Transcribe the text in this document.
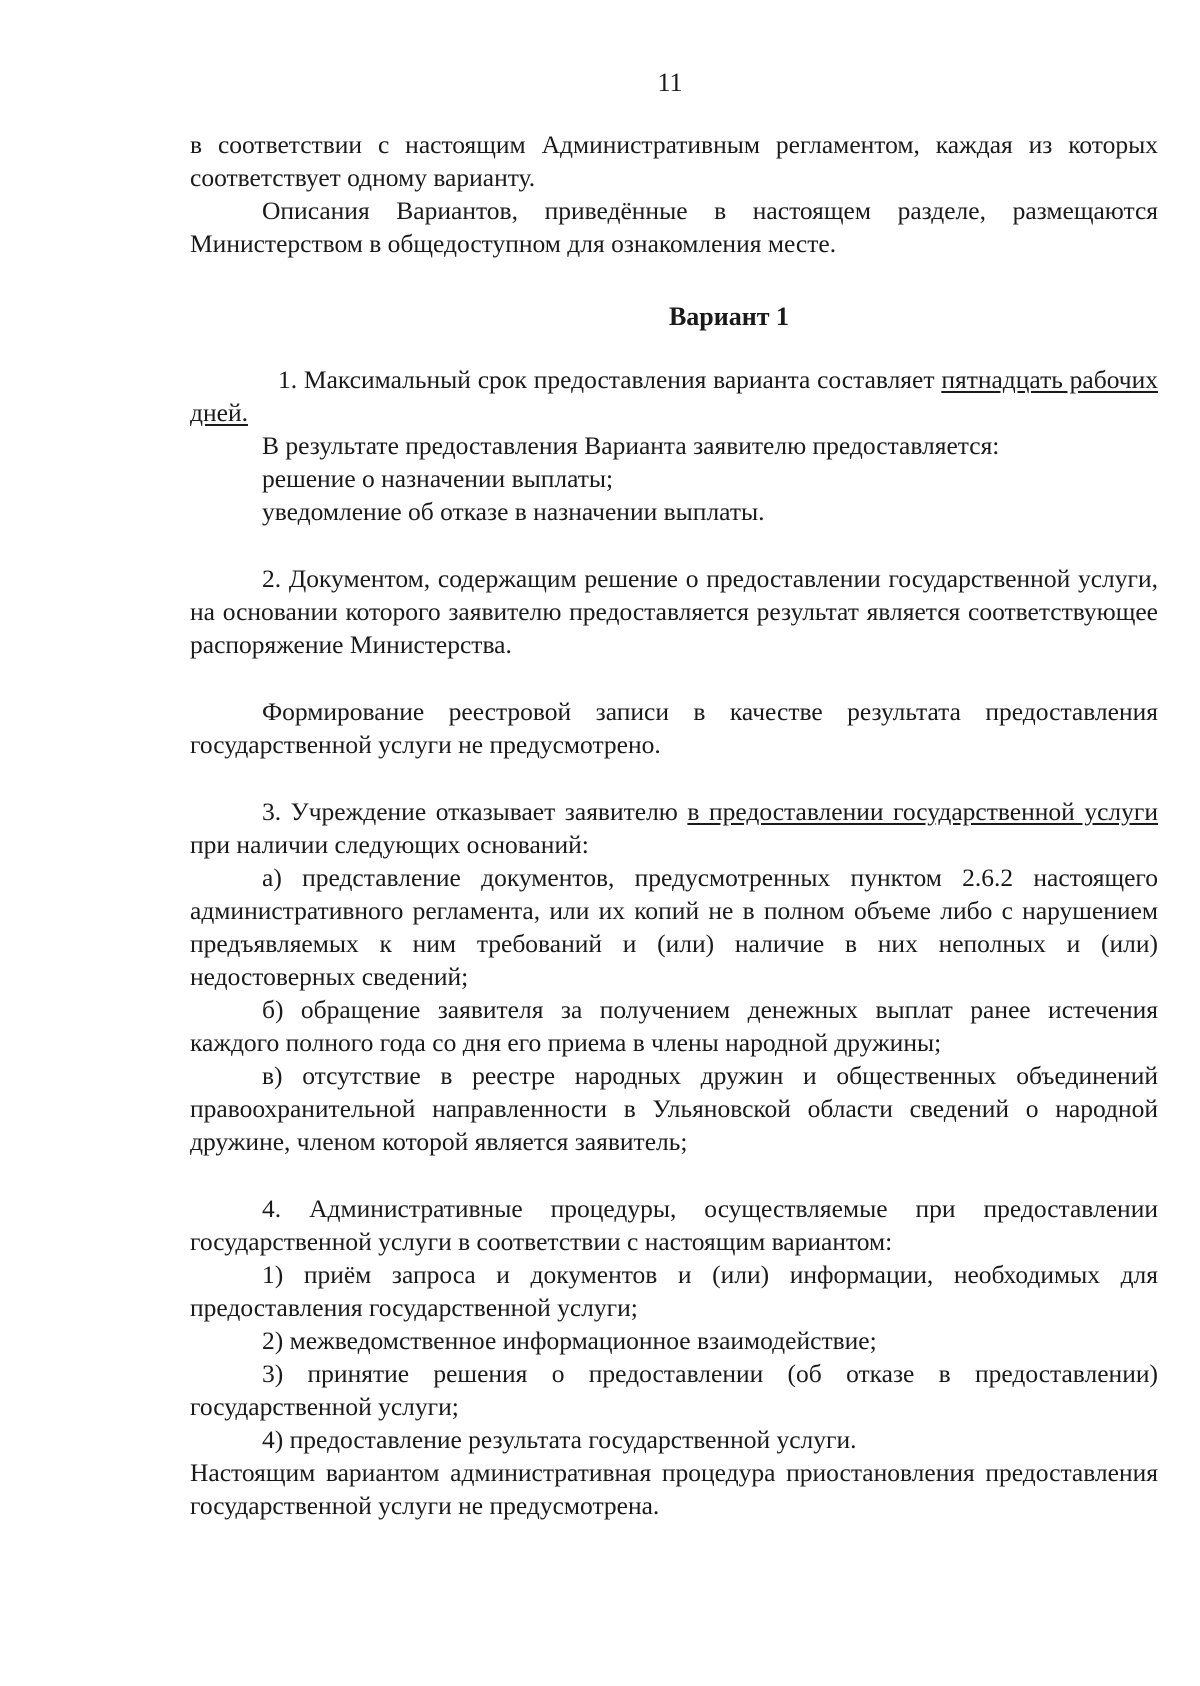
11

в соответствии с настоящим Административным регламентом, каждая из которых соответствует одному варианту.

Описания Вариантов, приведённые в настоящем разделе, размещаются Министерством в общедоступном для ознакомления месте.

Вариант 1

1. Максимальный срок предоставления варианта составляет пятнадцать рабочих дней.

В результате предоставления Варианта заявителю предоставляется:

решение о назначении выплаты;

уведомление об отказе в назначении выплаты.

2. Документом, содержащим решение о предоставлении государственной услуги, на основании которого заявителю предоставляется результат является соответствующее распоряжение Министерства.

Формирование реестровой записи в качестве результата предоставления государственной услуги не предусмотрено.

3. Учреждение отказывает заявителю в предоставлении государственной услуги при наличии следующих оснований:

а) представление документов, предусмотренных пунктом 2.6.2 настоящего административного регламента, или их копий не в полном объеме либо с нарушением предъявляемых к ним требований и (или) наличие в них неполных и (или) недостоверных сведений;

б) обращение заявителя за получением денежных выплат ранее истечения каждого полного года со дня его приема в члены народной дружины;

в) отсутствие в реестре народных дружин и общественных объединений правоохранительной направленности в Ульяновской области сведений о народной дружине, членом которой является заявитель;

4. Административные процедуры, осуществляемые при предоставлении государственной услуги в соответствии с настоящим вариантом:

1) приём запроса и документов и (или) информации, необходимых для предоставления государственной услуги;

2) межведомственное информационное взаимодействие;

3) принятие решения о предоставлении (об отказе в предоставлении) государственной услуги;

4) предоставление результата государственной услуги.

Настоящим вариантом административная процедура приостановления предоставления государственной услуги не предусмотрена.
